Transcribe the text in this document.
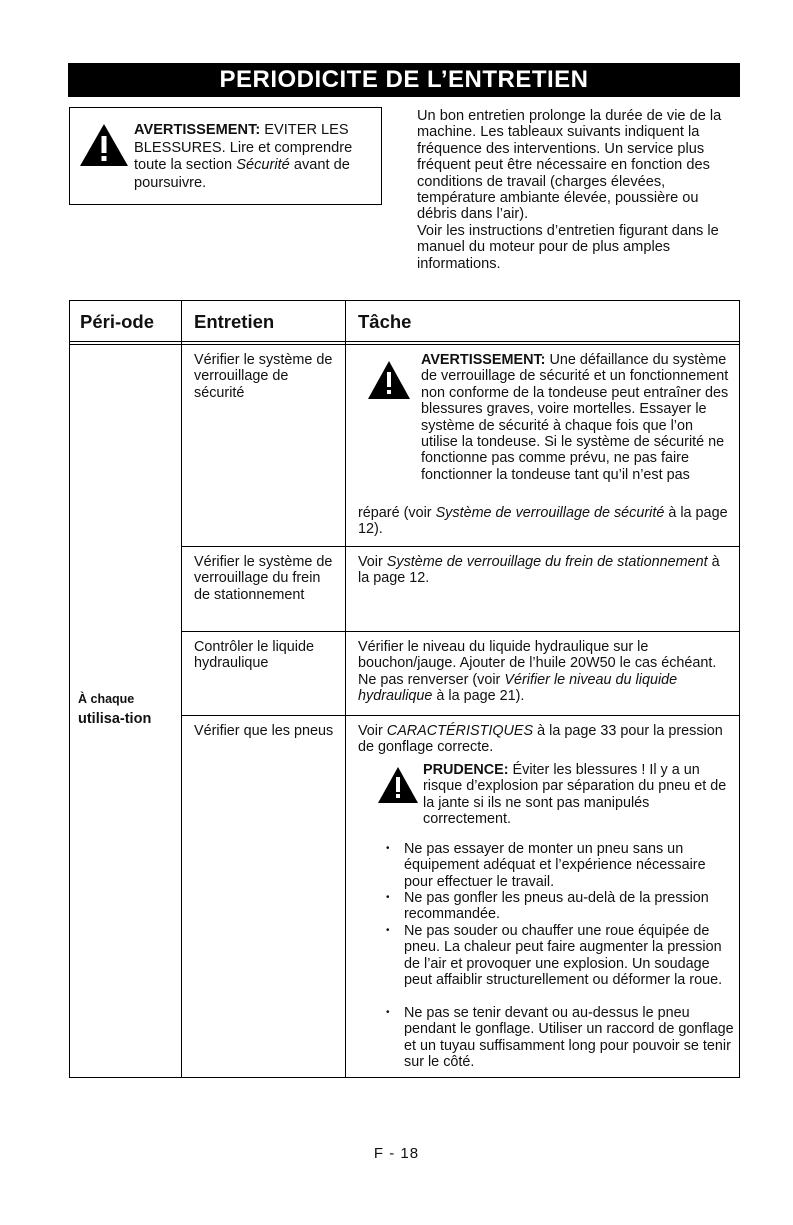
PERIODICITE DE L’ENTRETIEN
AVERTISSEMENT: EVITER LES BLESSURES. Lire et comprendre toute la section Sécurité avant de poursuivre.

Un bon entretien prolonge la durée de vie de la machine. Les tableaux suivants indiquent la fréquence des interventions. Un service plus fréquent peut être nécessaire en fonction des conditions de travail (charges élevées, température ambiante élevée, poussière ou débris dans l’air).

Voir les instructions d’entretien figurant dans le manuel du moteur pour de plus amples informations.

Péri-ode Entretien	Tâche
À chaque
utilisa-tion
Vérifier le système de verrouillage de sécurité
AVERTISSEMENT: Une défaillance du système de verrouillage de sécurité et un fonctionnement non conforme de la tondeuse peut entraîner des blessures graves, voire mortelles. Essayer le système de sécurité à chaque fois que l’on utilise la tondeuse. Si le système de sécurité ne fonctionne pas comme prévu, ne pas faire fonctionner la tondeuse tant qu’il n’est pas
réparé (voir Système de verrouillage de sécurité à la page 12).
Vérifier le système de verrouillage du frein de stationnement
Voir Système de verrouillage du frein de stationnement à la page 12.
Contrôler le liquide hydraulique
Vérifier le niveau du liquide hydraulique sur le bouchon/jauge. Ajouter de l’huile 20W50 le cas échéant. Ne pas renverser (voir Vérifier le niveau du liquide hydraulique à la page 21).
Vérifier que les pneus Voir CARACTÉRISTIQUES à la page 33 pour la pression de gonflage correcte.
PRUDENCE: Éviter les blessures ! Il y a un risque d’explosion par séparation du pneu et de la jante si ils ne sont pas manipulés correctement.
• Ne pas essayer de monter un pneu sans un équipement adéquat et l’expérience nécessaire pour effectuer le travail.
• Ne pas gonfler les pneus au-delà de la pression recommandée.
• Ne pas souder ou chauffer une roue équipée de pneu. La chaleur peut faire augmenter la pression de l’air et provoquer une explosion. Un soudage peut affaiblir structurellement ou déformer la roue.
• Ne pas se tenir devant ou au-dessus le pneu pendant le gonflage. Utiliser un raccord de gonflage et un tuyau suffisamment long pour pouvoir se tenir sur le côté.
F - 18
